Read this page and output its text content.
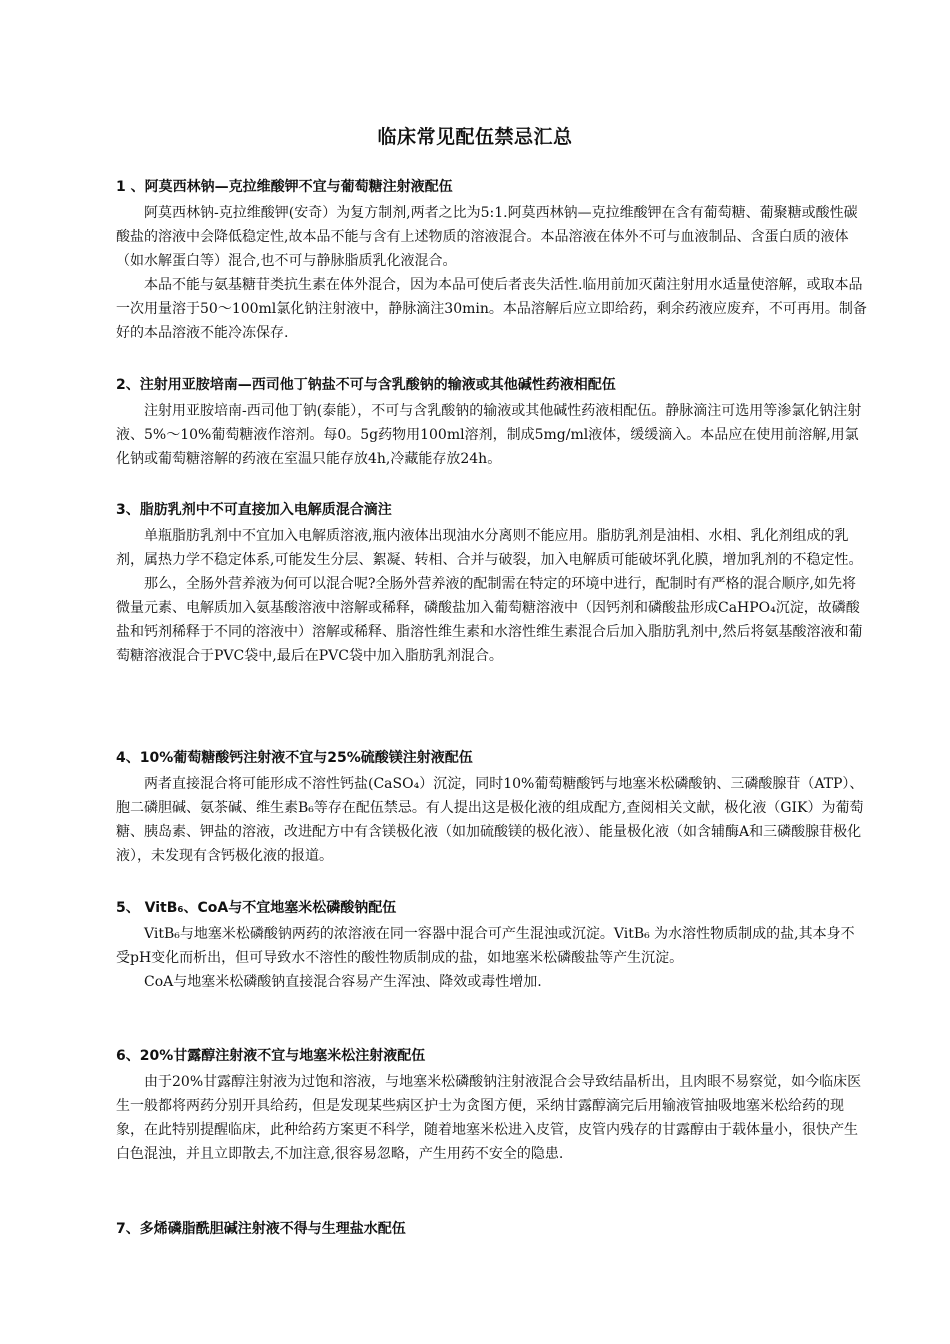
临床常见配伍禁忌汇总
1 、阿莫西林钠—克拉维酸钾不宜与葡萄糖注射液配伍

阿莫西林钠-克拉维酸钾(安奇）为复方制剂,两者之比为5:1.阿莫西林钠—克拉维酸钾在含有葡萄糖、葡聚糖或酸性碳酸盐的溶液中会降低稳定性,故本品不能与含有上述物质的溶液混合。本品溶液在体外不可与血液制品、含蛋白质的液体（如水解蛋白等）混合,也不可与静脉脂质乳化液混合。

本品不能与氨基糖苷类抗生素在体外混合，因为本品可使后者丧失活性.临用前加灭菌注射用水适量使溶解，或取本品一次用量溶于50～100ml氯化钠注射液中，静脉滴注30min。本品溶解后应立即给药，剩余药液应废弃，不可再用。制备好的本品溶液不能冷冻保存.

2、注射用亚胺培南—西司他丁钠盐不可与含乳酸钠的输液或其他碱性药液相配伍

注射用亚胺培南-西司他丁钠(泰能），不可与含乳酸钠的输液或其他碱性药液相配伍。静脉滴注可选用等渗氯化钠注射液、5%～10%葡萄糖液作溶剂。每0。5g药物用100ml溶剂，制成5mg/ml液体，缓缓滴入。本品应在使用前溶解,用氯化钠或葡萄糖溶解的药液在室温只能存放4h,冷藏能存放24h。

3、脂肪乳剂中不可直接加入电解质混合滴注

单瓶脂肪乳剂中不宜加入电解质溶液,瓶内液体出现油水分离则不能应用。脂肪乳剂是油相、水相、乳化剂组成的乳剂，属热力学不稳定体系,可能发生分层、絮凝、转相、合并与破裂，加入电解质可能破坏乳化膜，增加乳剂的不稳定性。

那么，全肠外营养液为何可以混合呢?全肠外营养液的配制需在特定的环境中进行，配制时有严格的混合顺序,如先将微量元素、电解质加入氨基酸溶液中溶解或稀释，磷酸盐加入葡萄糖溶液中（因钙剂和磷酸盐形成CaHPO₄沉淀，故磷酸盐和钙剂稀释于不同的溶液中）溶解或稀释、脂溶性维生素和水溶性维生素混合后加入脂肪乳剂中,然后将氨基酸溶液和葡萄糖溶液混合于PVC袋中,最后在PVC袋中加入脂肪乳剂混合。

4、10%葡萄糖酸钙注射液不宜与25%硫酸镁注射液配伍

两者直接混合将可能形成不溶性钙盐(CaSO₄）沉淀，同时10%葡萄糖酸钙与地塞米松磷酸钠、三磷酸腺苷（ATP）、胞二磷胆碱、氨茶碱、维生素B₆等存在配伍禁忌。有人提出这是极化液的组成配方,查阅相关文献，极化液（GIK）为葡萄糖、胰岛素、钾盐的溶液，改进配方中有含镁极化液（如加硫酸镁的极化液）、能量极化液（如含辅酶A和三磷酸腺苷极化液），未发现有含钙极化液的报道。

5、 VitB₆、CoA与不宜地塞米松磷酸钠配伍

VitB₆与地塞米松磷酸钠两药的浓溶液在同一容器中混合可产生混浊或沉淀。VitB₆ 为水溶性物质制成的盐,其本身不受pH变化而析出，但可导致水不溶性的酸性物质制成的盐，如地塞米松磷酸盐等产生沉淀。

CoA与地塞米松磷酸钠直接混合容易产生浑浊、降效或毒性增加.

6、20%甘露醇注射液不宜与地塞米松注射液配伍

由于20%甘露醇注射液为过饱和溶液，与地塞米松磷酸钠注射液混合会导致结晶析出，且肉眼不易察觉，如今临床医生一般都将两药分别开具给药，但是发现某些病区护士为贪图方便，采纳甘露醇滴完后用输液管抽吸地塞米松给药的现象，在此特别提醒临床，此种给药方案更不科学，随着地塞米松进入皮管，皮管内残存的甘露醇由于载体量小，很快产生白色混浊，并且立即散去,不加注意,很容易忽略，产生用药不安全的隐患.

7、多烯磷脂酰胆碱注射液不得与生理盐水配伍
